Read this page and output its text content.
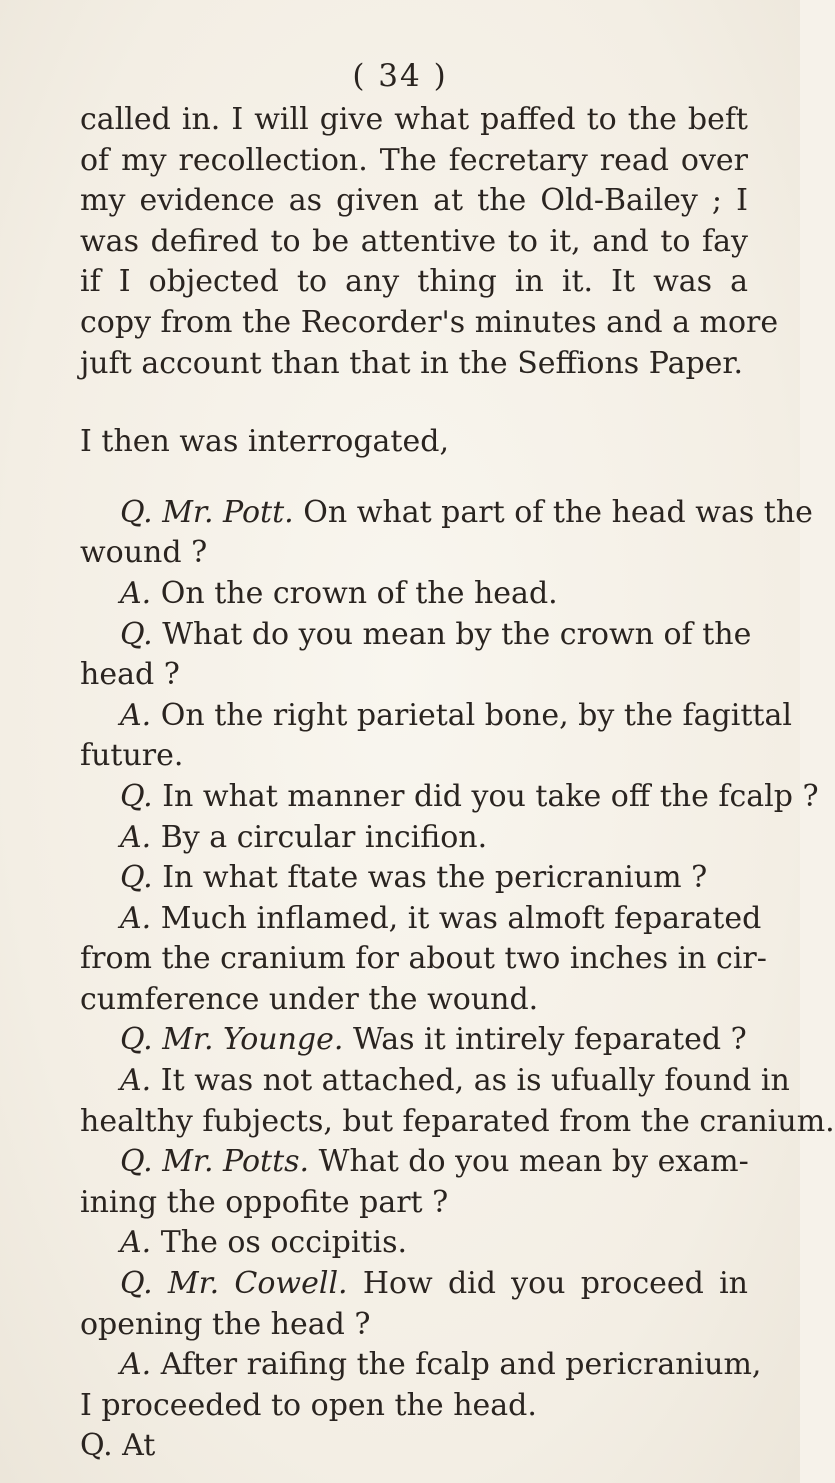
( 34 )
called in. I will give what paffed to the beft
of my recollection. The fecretary read over
my evidence as given at the Old-Bailey ; I
was defired to be attentive to it, and to fay
if I objected to any thing in it. It was a
copy from the Recorder's minutes and a more
juft account than that in the Seffions Paper.
I then was interrogated,
Q. Mr. Pott. On what part of the head was the
wound ?
A. On the crown of the head.
Q. What do you mean by the crown of the
head ?
A. On the right parietal bone, by the fagittal
future.
Q. In what manner did you take off the fcalp ?
A. By a circular incifion.
Q. In what ftate was the pericranium ?
A. Much inflamed, it was almoft feparated
from the cranium for about two inches in cir-
cumference under the wound.
Q. Mr. Younge. Was it intirely feparated ?
A. It was not attached, as is ufually found in
healthy fubjects, but feparated from the cranium.
Q. Mr. Potts. What do you mean by exam-
ining the oppofite part ?
A. The os occipitis.
Q. Mr. Cowell. How did you proceed in
opening the head ?
A. After raifing the fcalp and pericranium,
I proceeded to open the head.
Q. At
